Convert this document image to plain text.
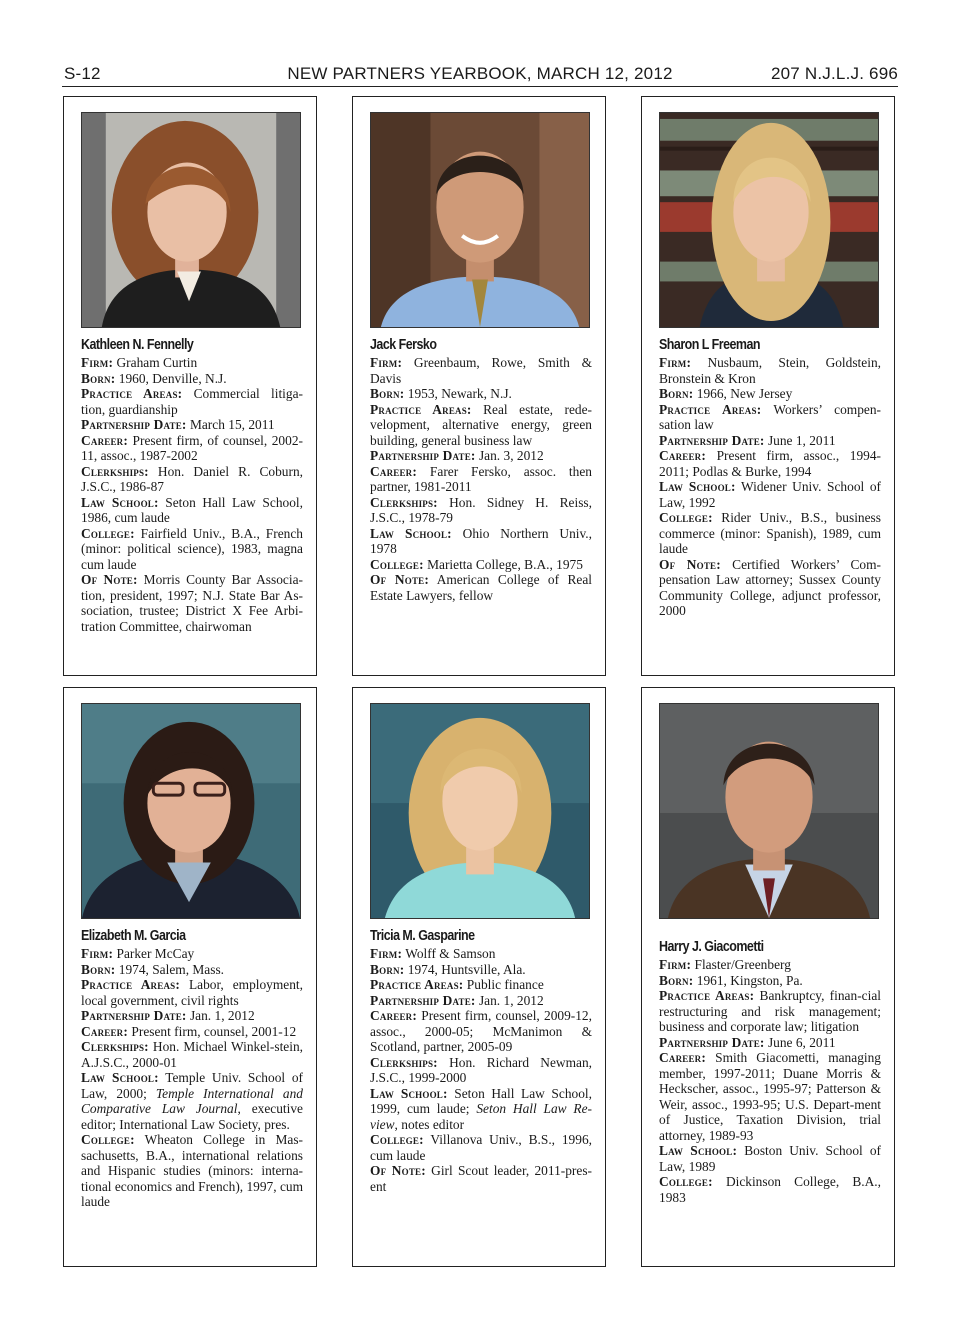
S-12	NEW PARTNERS YEARBOOK, MARCH 12, 2012	207 N.J.L.J. 696
Kathleen N. Fennelly

Firm: Graham Curtin

Born: 1960, Denville, N.J.

Practice Areas: Commercial litiga-tion, guardianship

Partnership Date: March 15, 2011

Career: Present firm, of counsel, 2002-11, assoc., 1987-2002

Clerkships: Hon. Daniel R. Coburn, J.S.C., 1986-87

Law School: Seton Hall Law School, 1986, cum laude

College: Fairfield Univ., B.A., French (minor: political science), 1983, magna cum laude

Of Note: Morris County Bar Associa-tion, president, 1997; N.J. State Bar As-sociation, trustee; District X Fee Arbi-tration Committee, chairwoman

Jack Fersko

Firm: Greenbaum, Rowe, Smith & Davis

Born: 1953, Newark, N.J.

Practice Areas: Real estate, rede-velopment, alternative energy, green building, general business law

Partnership Date: Jan. 3, 2012

Career: Farer Fersko, assoc. then partner, 1981-2011

Clerkships: Hon. Sidney H. Reiss, J.S.C., 1978-79

Law School: Ohio Northern Univ., 1978

College: Marietta College, B.A., 1975

Of Note: American College of Real Estate Lawyers, fellow

Sharon L Freeman

Firm: Nusbaum, Stein, Goldstein, Bronstein & Kron

Born: 1966, New Jersey

Practice Areas: Workers’ compen-sation law

Partnership Date: June 1, 2011

Career: Present firm, assoc., 1994-2011; Podlas & Burke, 1994

Law School: Widener Univ. School of Law, 1992

College: Rider Univ., B.S., business commerce (minor: Spanish), 1989, cum laude

Of Note: Certified Workers’ Com-pensation Law attorney; Sussex County Community College, adjunct professor, 2000

Elizabeth M. Garcia

Firm: Parker McCay

Born: 1974, Salem, Mass.

Practice Areas: Labor, employment, local government, civil rights

Partnership Date: Jan. 1, 2012

Career: Present firm, counsel, 2001-12

Clerkships: Hon. Michael Winkel-stein, A.J.S.C., 2000-01

Law School: Temple Univ. School of Law, 2000; Temple International and Comparative Law Journal, executive editor; International Law Society, pres.

College: Wheaton College in Mas-sachusetts, B.A., international relations and Hispanic studies (minors: interna-tional economics and French), 1997, cum laude

Tricia M. Gasparine

Firm: Wolff & Samson

Born: 1974, Huntsville, Ala.

Practice Areas: Public finance

Partnership Date: Jan. 1, 2012

Career: Present firm, counsel, 2009-12, assoc., 2000-05; McManimon & Scotland, partner, 2005-09

Clerkships: Hon. Richard Newman, J.S.C., 1999-2000

Law School: Seton Hall Law School, 1999, cum laude; Seton Hall Law Re-view, notes editor

College: Villanova Univ., B.S., 1996, cum laude

Of Note: Girl Scout leader, 2011-pres-ent

Harry J. Giacometti

Firm: Flaster/Greenberg

Born: 1961, Kingston, Pa.

Practice Areas: Bankruptcy, finan-cial restructuring and risk management; business and corporate law; litigation

Partnership Date: June 6, 2011

Career: Smith Giacometti, managing member, 1997-2011; Duane Morris & Heckscher, assoc., 1995-97; Patterson & Weir, assoc., 1993-95; U.S. Depart-ment of Justice, Taxation Division, trial attorney, 1989-93

Law School: Boston Univ. School of Law, 1989

College: Dickinson College, B.A., 1983
